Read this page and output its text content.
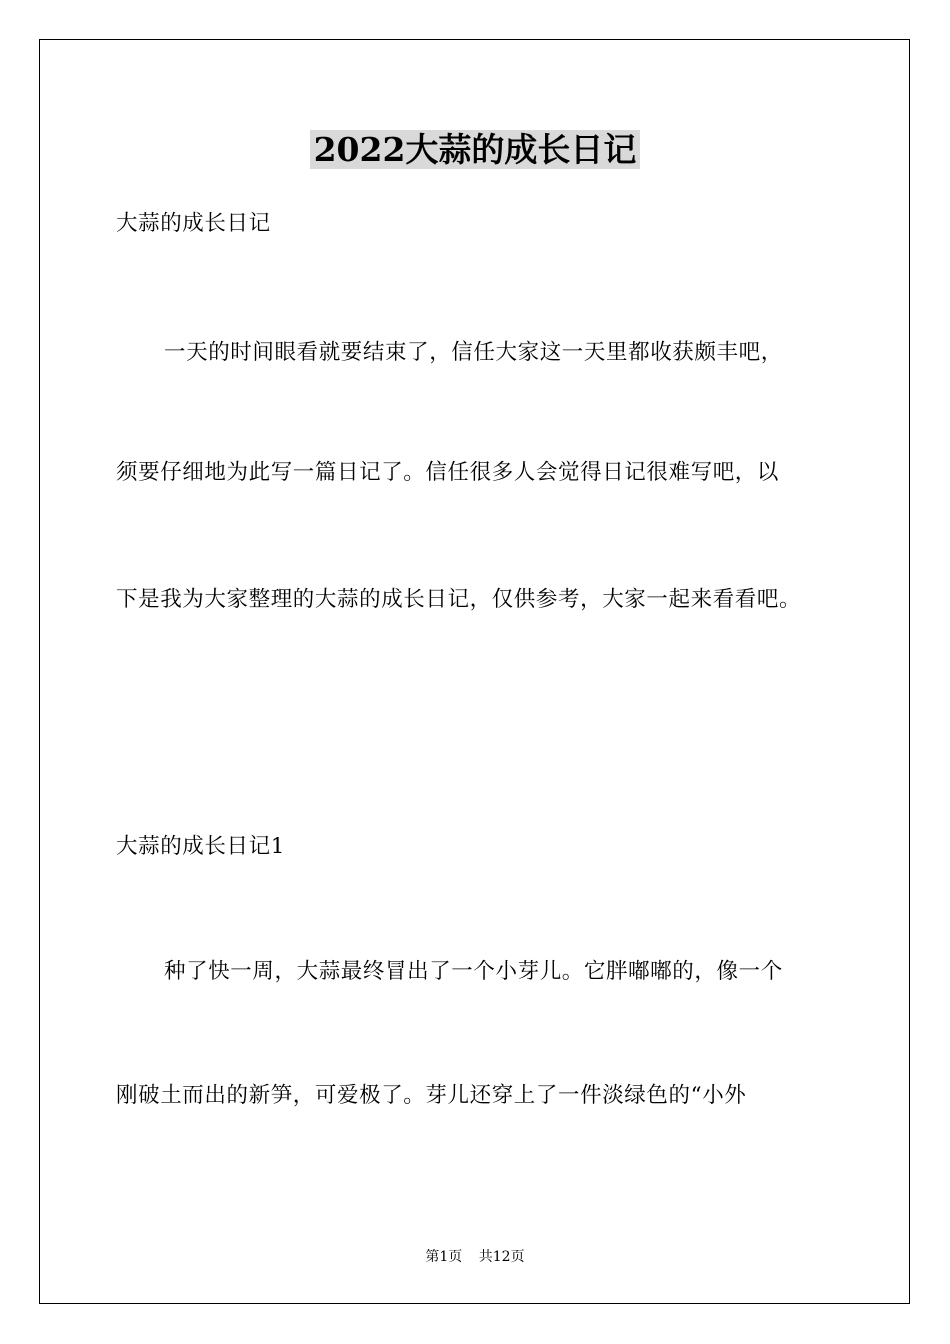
2022大蒜的成长日记
大蒜的成长日记
一天的时间眼看就要结束了，信任大家这一天里都收获颇丰吧，
须要仔细地为此写一篇日记了。信任很多人会觉得日记很难写吧，以
下是我为大家整理的大蒜的成长日记，仅供参考，大家一起来看看吧。
大蒜的成长日记1
种了快一周，大蒜最终冒出了一个小芽儿。它胖嘟嘟的，像一个
刚破土而出的新笋，可爱极了。芽儿还穿上了一件淡绿色的“小外
第1页 共12页
